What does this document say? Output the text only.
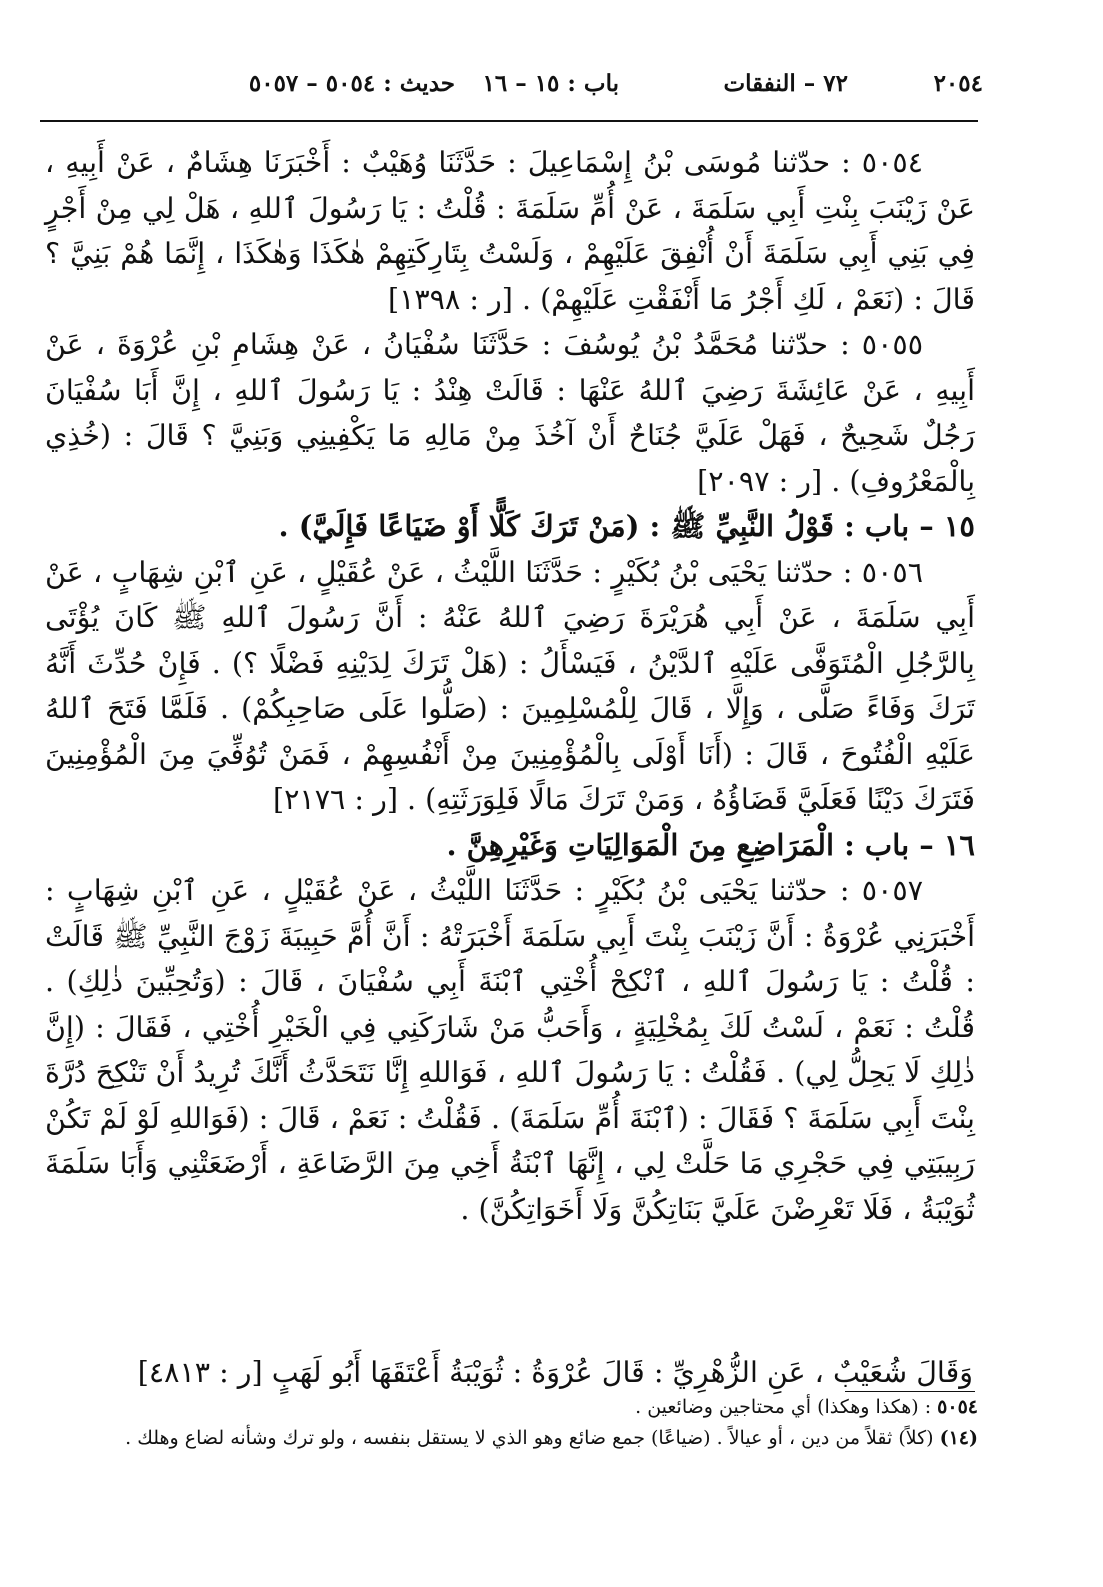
٢٠٥٤
٧٢ – النفقات
باب : ١٥ – ١٦
حديث : ٥٠٥٤ – ٥٠٥٧

٥٠٥٤ : حدّثنا مُوسَى بْنُ إِسْمَاعِيلَ : حَدَّثَنَا وُهَيْبٌ : أَخْبَرَنَا هِشَامٌ ، عَنْ أَبِيهِ ، عَنْ زَيْنَبَ بِنْتِ أَبِي سَلَمَةَ ، عَنْ أُمِّ سَلَمَةَ : قُلْتُ : يَا رَسُولَ ٱللهِ ، هَلْ لِي مِنْ أَجْرٍ فِي بَنِي أَبِي سَلَمَةَ أَنْ أُنْفِقَ عَلَيْهِمْ ، وَلَسْتُ بِتَارِكَتِهِمْ هٰكَذَا وَهٰكَذَا ، إِنَّمَا هُمْ بَنِيَّ ؟ قَالَ : (نَعَمْ ، لَكِ أَجْرُ مَا أَنْفَقْتِ عَلَيْهِمْ) . [ر : ١٣٩٨]

٥٠٥٥ : حدّثنا مُحَمَّدُ بْنُ يُوسُفَ : حَدَّثَنَا سُفْيَانُ ، عَنْ هِشَامِ بْنِ عُرْوَةَ ، عَنْ أَبِيهِ ، عَنْ عَائِشَةَ رَضِيَ ٱللهُ عَنْهَا : قَالَتْ هِنْدُ : يَا رَسُولَ ٱللهِ ، إِنَّ أَبَا سُفْيَانَ رَجُلٌ شَحِيحٌ ، فَهَلْ عَلَيَّ جُنَاحٌ أَنْ آخُذَ مِنْ مَالِهِ مَا يَكْفِينِي وَبَنِيَّ ؟ قَالَ : (خُذِي بِالْمَعْرُوفِ) . [ر : ٢٠٩٧]

١٥ – باب : قَوْلُ النَّبِيِّ ﷺ : (مَنْ تَرَكَ كَلًّا أَوْ ضَيَاعًا فَإِلَيَّ) .

٥٠٥٦ : حدّثنا يَحْيَى بْنُ بُكَيْرٍ : حَدَّثَنَا اللَّيْثُ ، عَنْ عُقَيْلٍ ، عَنِ ٱبْنِ شِهَابٍ ، عَنْ أَبِي سَلَمَةَ ، عَنْ أَبِي هُرَيْرَةَ رَضِيَ ٱللهُ عَنْهُ : أَنَّ رَسُولَ ٱللهِ ﷺ كَانَ يُؤْتَى بِالرَّجُلِ الْمُتَوَفَّى عَلَيْهِ ٱلدَّيْنُ ، فَيَسْأَلُ : (هَلْ تَرَكَ لِدَيْنِهِ فَضْلًا ؟) . فَإِنْ حُدِّثَ أَنَّهُ تَرَكَ وَفَاءً صَلَّى ، وَإِلَّا ، قَالَ لِلْمُسْلِمِينَ : (صَلُّوا عَلَى صَاحِبِكُمْ) . فَلَمَّا فَتَحَ ٱللهُ عَلَيْهِ الْفُتُوحَ ، قَالَ : (أَنَا أَوْلَى بِالْمُؤْمِنِينَ مِنْ أَنْفُسِهِمْ ، فَمَنْ تُوُفِّيَ مِنَ الْمُؤْمِنِينَ فَتَرَكَ دَيْنًا فَعَلَيَّ قَضَاؤُهُ ، وَمَنْ تَرَكَ مَالًا فَلِوَرَثَتِهِ) . [ر : ٢١٧٦]

١٦ – باب : الْمَرَاضِعِ مِنَ الْمَوَالِيَاتِ وَغَيْرِهِنَّ .

٥٠٥٧ : حدّثنا يَحْيَى بْنُ بُكَيْرٍ : حَدَّثَنَا اللَّيْثُ ، عَنْ عُقَيْلٍ ، عَنِ ٱبْنِ شِهَابٍ : أَخْبَرَنِي عُرْوَةُ : أَنَّ زَيْنَبَ بِنْتَ أَبِي سَلَمَةَ أَخْبَرَتْهُ : أَنَّ أُمَّ حَبِيبَةَ زَوْجَ النَّبِيِّ ﷺ قَالَتْ : قُلْتُ : يَا رَسُولَ ٱللهِ ، ٱنْكِحْ أُخْتِي ٱبْنَةَ أَبِي سُفْيَانَ ، قَالَ : (وَتُحِبِّينَ ذٰلِكِ) . قُلْتُ : نَعَمْ ، لَسْتُ لَكَ بِمُخْلِيَةٍ ، وَأَحَبُّ مَنْ شَارَكَنِي فِي الْخَيْرِ أُخْتِي ، فَقَالَ : (إِنَّ ذٰلِكِ لَا يَحِلُّ لِي) . فَقُلْتُ : يَا رَسُولَ ٱللهِ ، فَوَاللهِ إِنَّا نَتَحَدَّثُ أَنَّكَ تُرِيدُ أَنْ تَنْكِحَ دُرَّةَ بِنْتَ أَبِي سَلَمَةَ ؟ فَقَالَ : (ٱبْنَةَ أُمِّ سَلَمَةَ) . فَقُلْتُ : نَعَمْ ، قَالَ : (فَوَاللهِ لَوْ لَمْ تَكُنْ رَبِيبَتِي فِي حَجْرِي مَا حَلَّتْ لِي ، إِنَّهَا ٱبْنَةُ أَخِي مِنَ الرَّضَاعَةِ ، أَرْضَعَتْنِي وَأَبَا سَلَمَةَ ثُوَيْبَةُ ، فَلَا تَعْرِضْنَ عَلَيَّ بَنَاتِكُنَّ وَلَا أَخَوَاتِكُنَّ) .

وَقَالَ شُعَيْبٌ ، عَنِ الزُّهْرِيِّ : قَالَ عُرْوَةُ : ثُوَيْبَةُ أَعْتَقَهَا أَبُو لَهَبٍ [ر : ٤٨١٣]

٥٠٥٤ : (هكذا وهكذا) أي محتاجين وضائعين .

(١٤) (كلاً) ثقلاً من دين ، أو عيالاً . (ضياعًا) جمع ضائع وهو الذي لا يستقل بنفسه ، ولو ترك وشأنه لضاع وهلك .
